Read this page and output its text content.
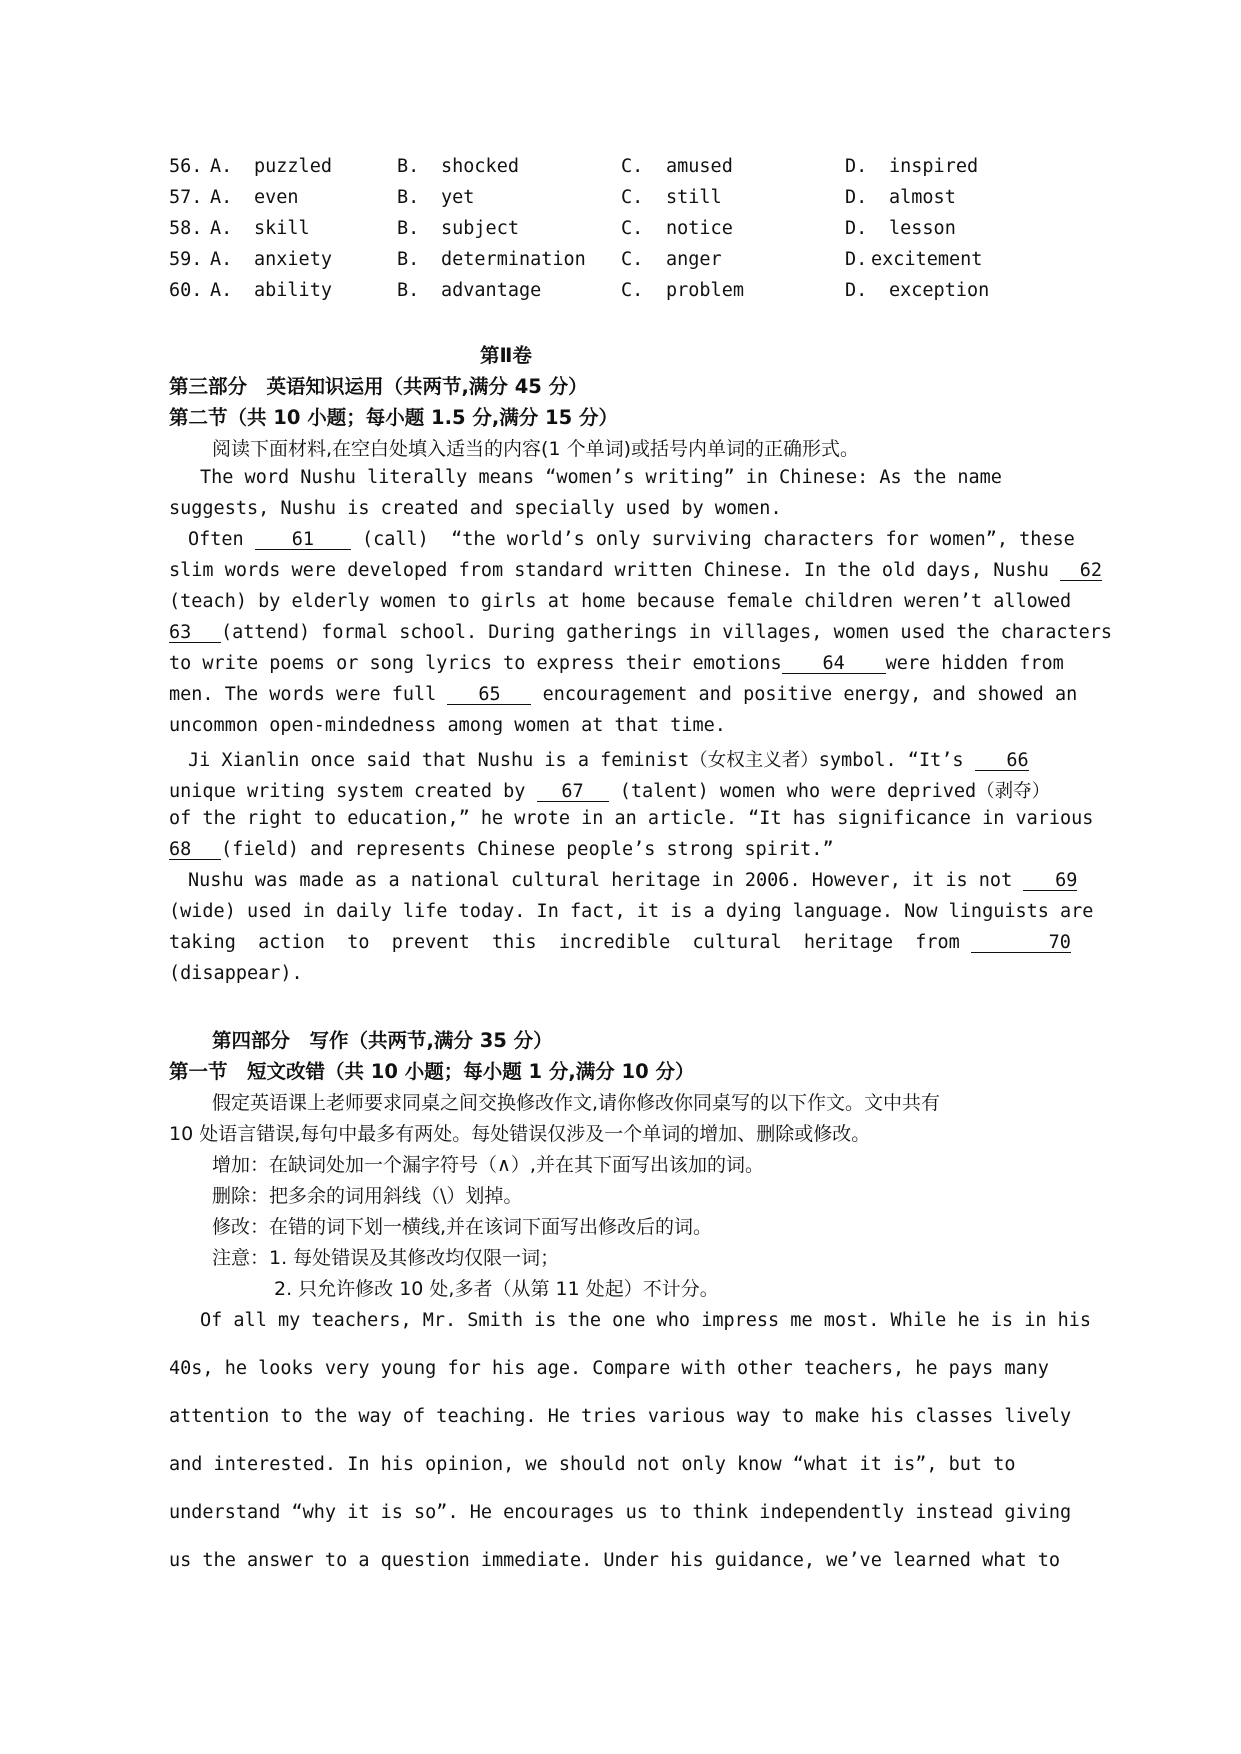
56. A. puzzled	B. shocked	C. amused	D. inspired
57. A. even	B. yet	C. still	D. almost
58. A. skill	B. subject	C. notice	D. lesson
59. A. anxiety	B. determination C. anger	D. excitement
60. A. ability	B. advantage	C. problem	D. exception
第Ⅱ卷
第三部分　英语知识运用（共两节,满分 45 分）
第二节（共 10 小题；每小题 1.5 分,满分 15 分）
阅读下面材料,在空白处填入适当的内容(1 个单词)或括号内单词的正确形式。
The word Nushu literally means “women’s writing” in Chinese: As the name
suggests, Nushu is created and specially used by women.
Often	61	(call)  “the world’s only surviving characters for women”, these
slim words were developed from standard written Chinese. In the old days, Nushu 62
(teach) by elderly women to girls at home because female children weren’t allowed
63 (attend) formal school. During gatherings in villages, women used the characters
to write poems or song lyrics to express their emotions 64 were hidden from
men. The words were full 65 encouragement and positive energy, and showed an
uncommon open-mindedness among women at that time.
Ji Xianlin once said that Nushu is a feminist（女权主义者）symbol. “It’s 66
unique writing system created by 67 (talent) women who were deprived（剥夺）
of the right to education,” he wrote in an article. “It has significance in various
68 (field) and represents Chinese people’s strong spirit.”
Nushu was made as a national cultural heritage in 2006. However, it is not 69
(wide) used in daily life today. In fact, it is a dying language. Now linguists are
taking  action  to  prevent  this  incredible  cultural  heritage  from	70
(disappear).
第四部分　写作（共两节,满分 35 分）
第一节　短文改错（共 10 小题；每小题 1 分,满分 10 分）
假定英语课上老师要求同桌之间交换修改作文,请你修改你同桌写的以下作文。文中共有
10 处语言错误,每句中最多有两处。每处错误仅涉及一个单词的增加、删除或修改。
增加：在缺词处加一个漏字符号（∧）,并在其下面写出该加的词。
删除：把多余的词用斜线（\）划掉。
修改：在错的词下划一横线,并在该词下面写出修改后的词。
注意：1. 每处错误及其修改均仅限一词；
2. 只允许修改 10 处,多者（从第 11 处起）不计分。
Of all my teachers, Mr. Smith is the one who impress me most. While he is in his
40s, he looks very young for his age. Compare with other teachers, he pays many
attention to the way of teaching. He tries various way to make his classes lively
and interested. In his opinion, we should not only know “what it is”, but to
understand “why it is so”. He encourages us to think independently instead giving
us the answer to a question immediate. Under his guidance, we’ve learned what to
